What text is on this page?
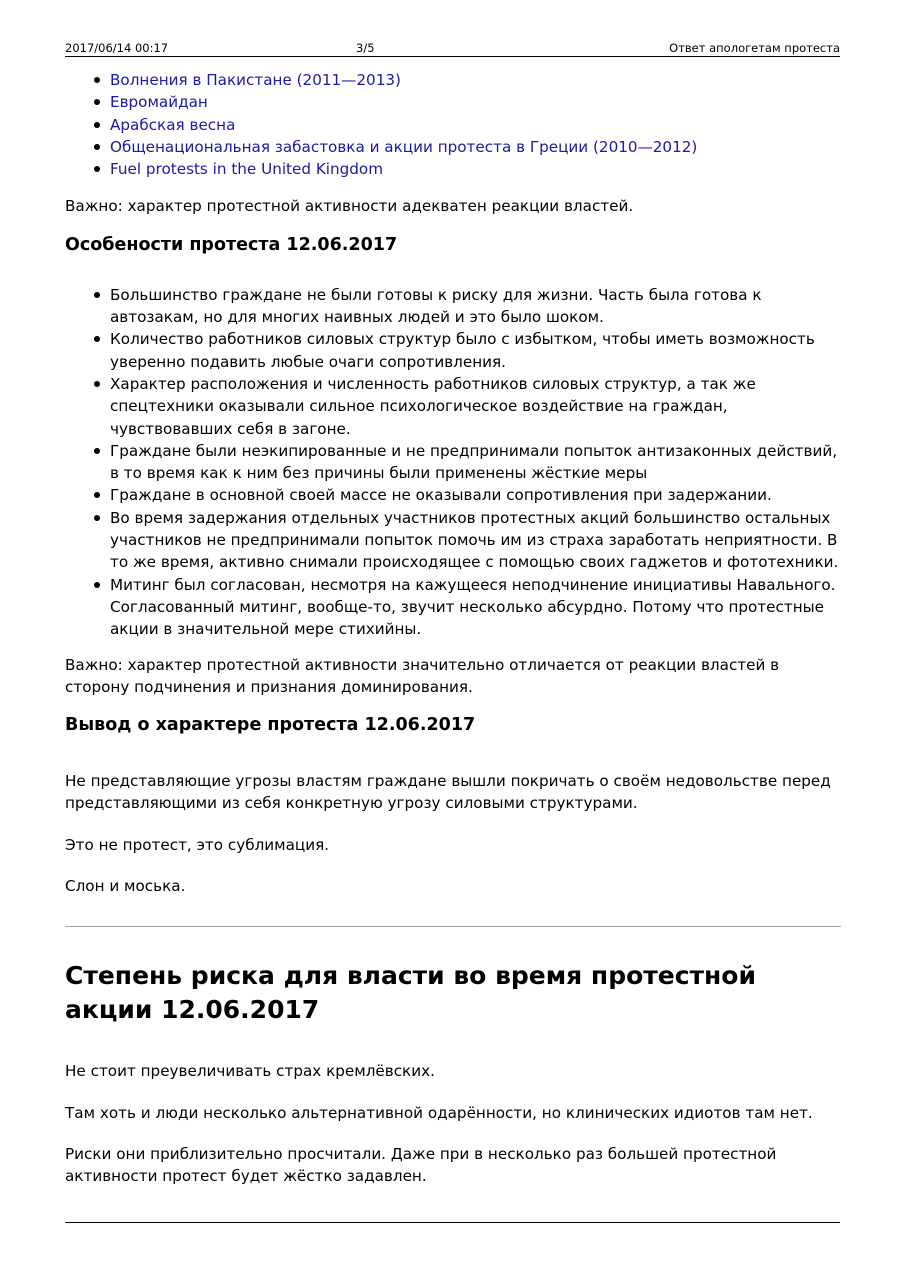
2017/06/14 00:17	3/5	Ответ апологетам протеста
Волнения в Пакистане (2011—2013)
Евромайдан
Арабская весна
Общенациональная забастовка и акции протеста в Греции (2010—2012)
Fuel protests in the United Kingdom

Важно: характер протестной активности адекватен реакции властей.

Особености протеста 12.06.2017
Большинство граждане не были готовы к риску для жизни. Часть была готова к автозакам, но для многих наивных людей и это было шоком.
Количество работников силовых структур было с избытком, чтобы иметь возможность уверенно подавить любые очаги сопротивления.
Характер расположения и численность работников силовых структур, а так же спецтехники оказывали сильное психологическое воздействие на граждан, чувствовавших себя в загоне.
Граждане были неэкипированные и не предпринимали попыток антизаконных действий, в то время как к ним без причины были применены жёсткие меры
Граждане в основной своей массе не оказывали сопротивления при задержании.
Во время задержания отдельных участников протестных акций большинство остальных участников не предпринимали попыток помочь им из страха заработать неприятности. В то же время, активно снимали происходящее с помощью своих гаджетов и фототехники.
Митинг был согласован, несмотря на кажущееся неподчинение инициативы Навального. Согласованный митинг, вообще-то, звучит несколько абсурдно. Потому что протестные акции в значительной мере стихийны.

Важно: характер протестной активности значительно отличается от реакции властей в сторону подчинения и признания доминирования.

Вывод о характере протеста 12.06.2017

Не представляющие угрозы властям граждане вышли покричать о своём недовольстве перед представляющими из себя конкретную угрозу силовыми структурами.

Это не протест, это сублимация.

Слон и моська.

Степень риска для власти во время протестной акции 12.06.2017

Не стоит преувеличивать страх кремлёвских.

Там хоть и люди несколько альтернативной одарённости, но клинических идиотов там нет.

Риски они приблизительно просчитали. Даже при в несколько раз большей протестной активности протест будет жёстко задавлен.
